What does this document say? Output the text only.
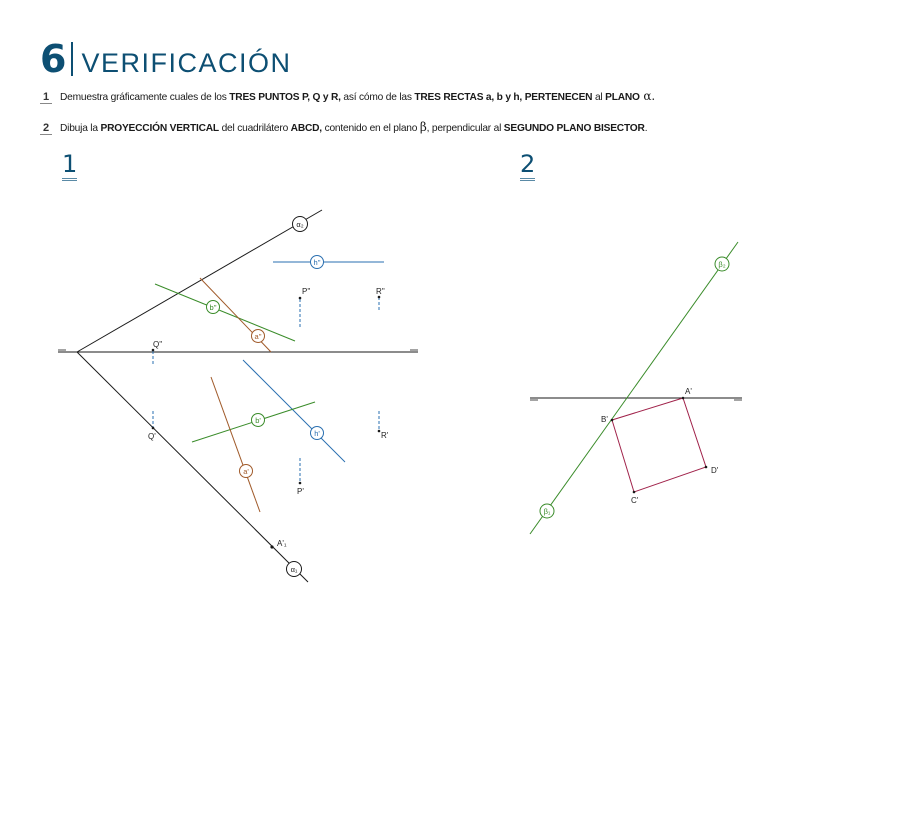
6 VERIFICACIÓN
1 Demuestra gráficamente cuales de los TRES PUNTOS P, Q y R, así cómo de las TRES RECTAS a, b y h, PERTENECEN al PLANO α.
2 Dibuja la PROYECCIÓN VERTICAL del cuadrilátero ABCD, contenido en el plano β, perpendicular al SEGUNDO PLANO BISECTOR.
1	2
α₂
α₁
h''
h'
b''
b'
a''
a'
P''	R''
Q''
Q'	R'
P'
A'₁
β₂
β₁
A'
B'
C'
D'
